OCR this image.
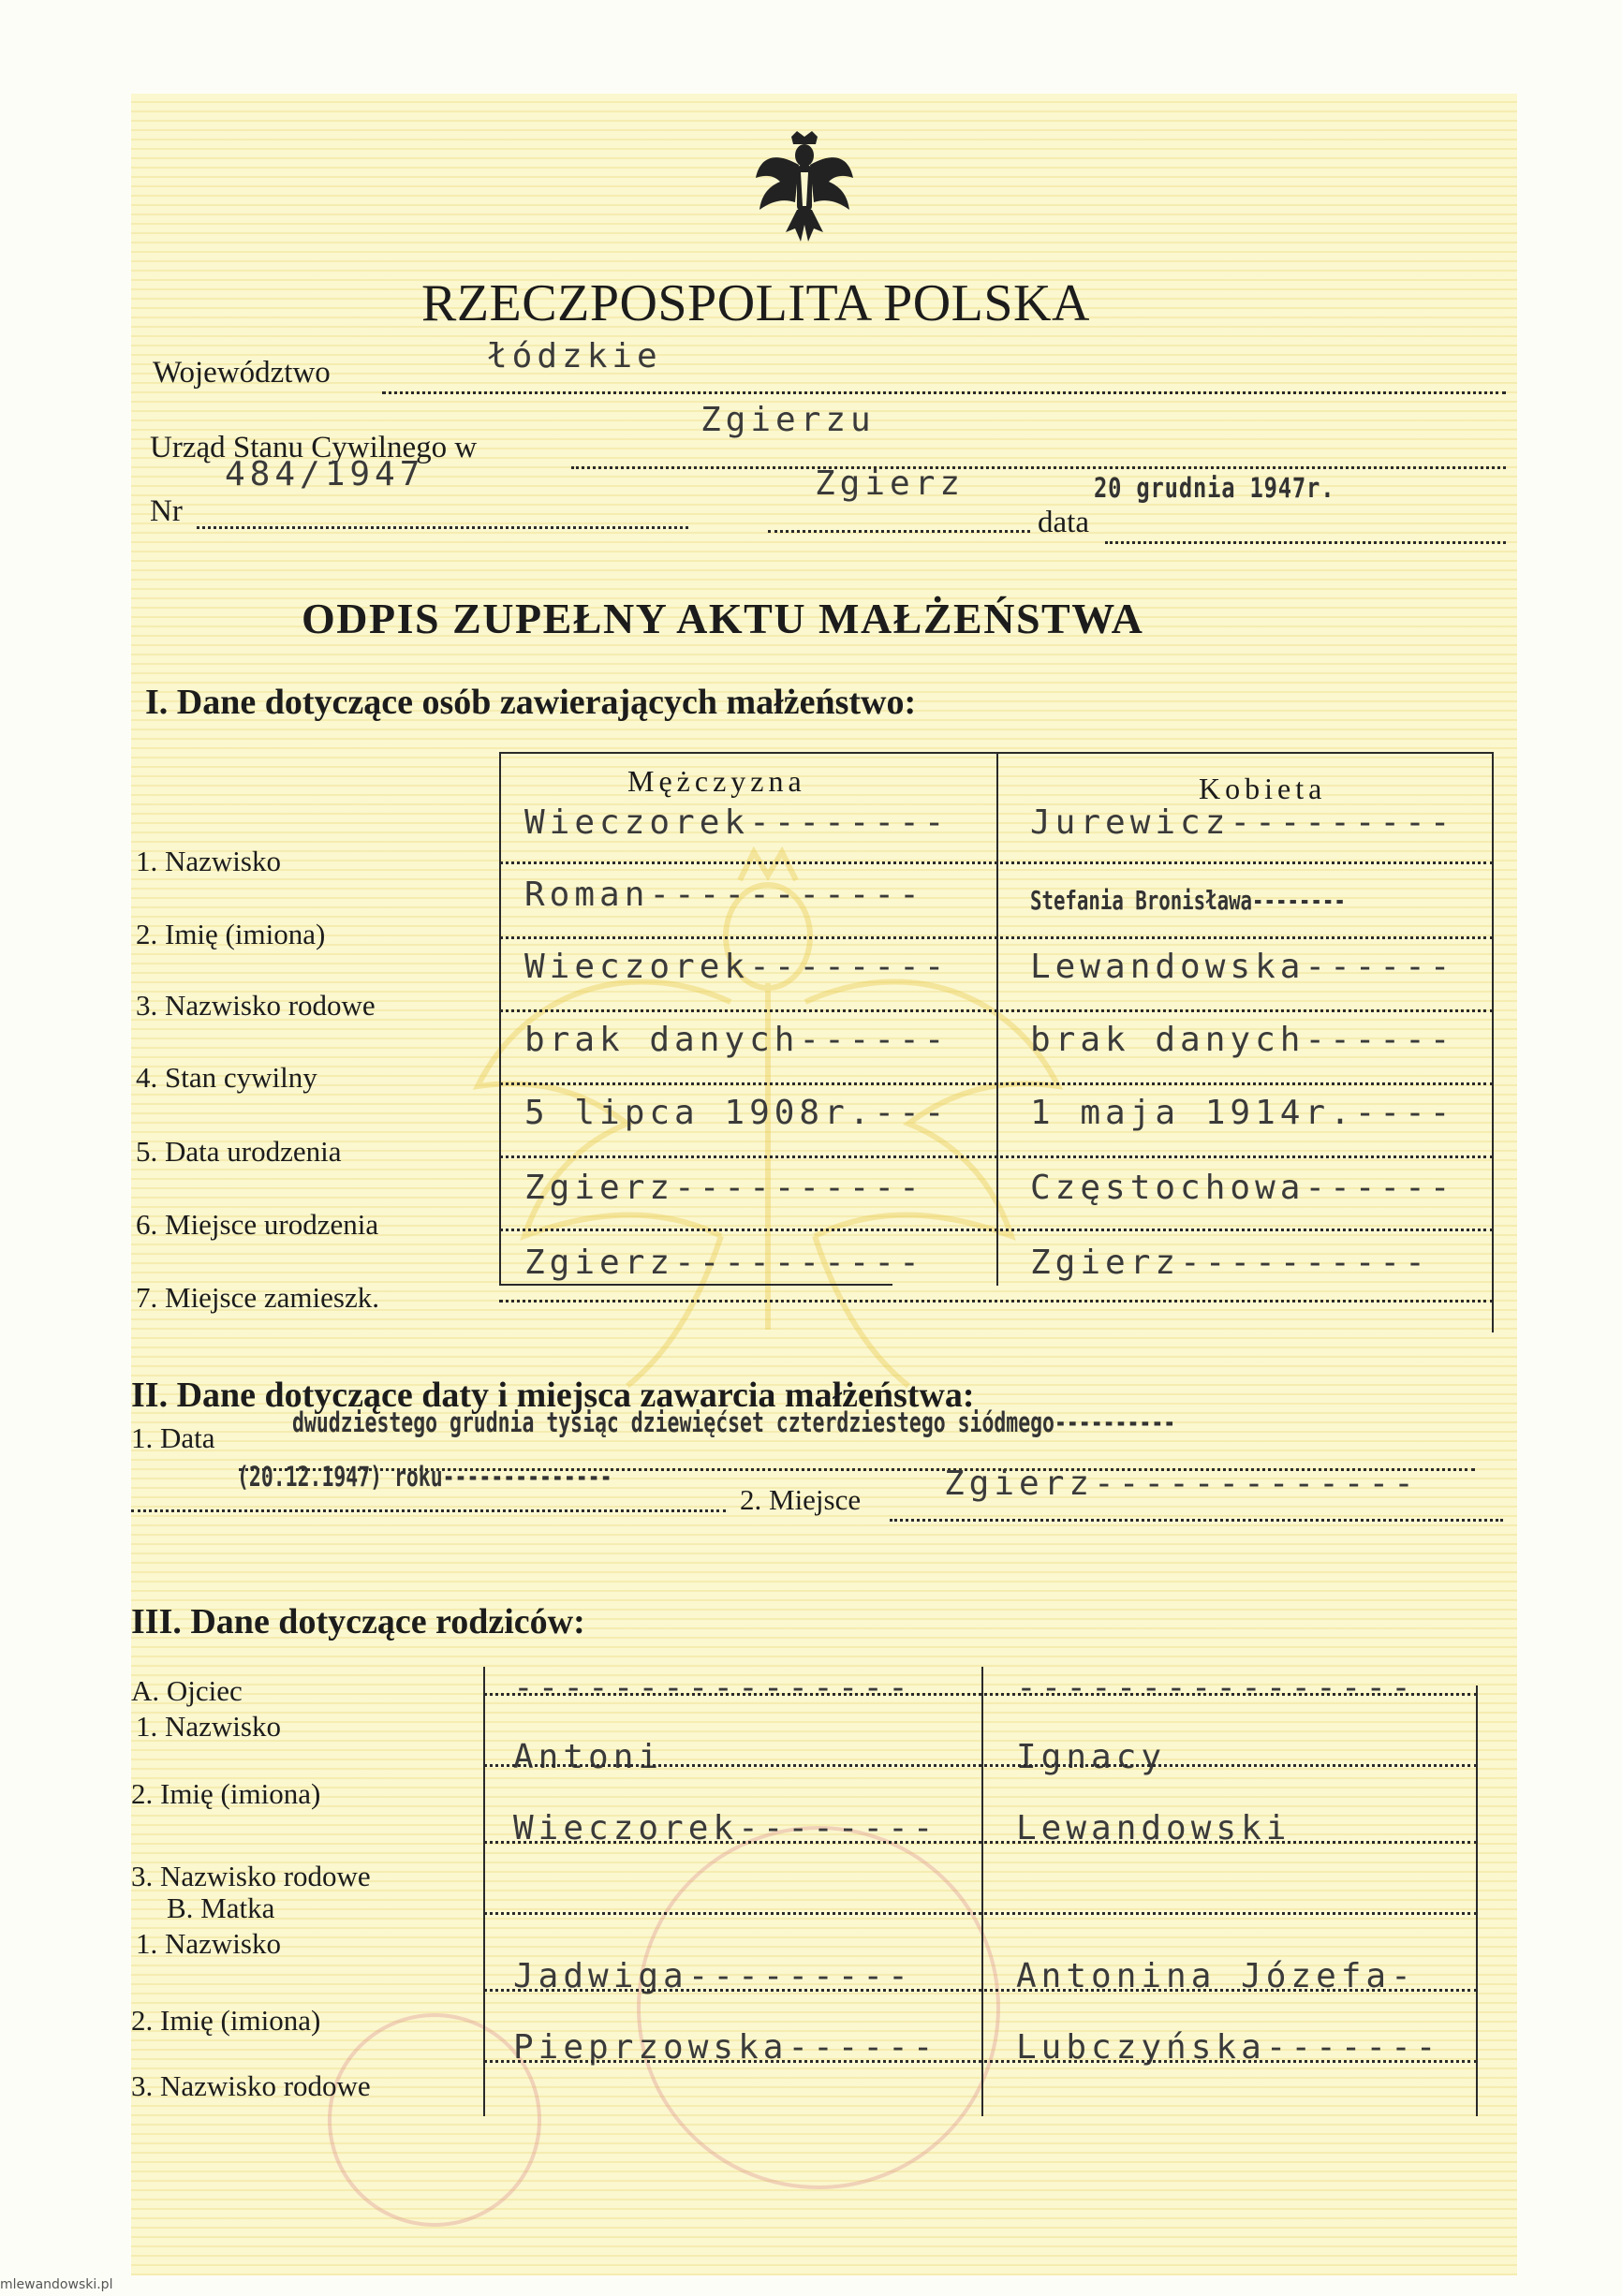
RZECZPOSPOLITA POLSKA
Województwo	łódzkie
Urząd Stanu Cywilnego w
Zgierzu
484/1947
Nr
Zgierz	20 grudnia 1947r.
data
ODPIS ZUPEŁNY AKTU MAŁŻEŃSTWA
I. Dane dotyczące osób zawierających małżeństwo:
Mężczyzna	Kobieta
1. Nazwisko
Wieczorek-------- Jurewicz---------
2. Imię (imiona)
Roman-----------	Stefania Bronisława--------
3. Nazwisko rodowe
Wieczorek-------- Lewandowska------
4. Stan cywilny
brak danych------ brak danych------
5. Data urodzenia
5 lipca 1908r.--- 1 maja 1914r.----
6. Miejsce urodzenia
Zgierz----------	Częstochowa------
7. Miejsce zamieszk.
Zgierz----------	Zgierz----------
II. Dane dotyczące daty i miejsca zawarcia małżeństwa:
1. Data	dwudziestego grudnia tysiąc dziewięćset czterdziestego siódmego----------
(20.12.1947) roku--------------
2. Miejsce Zgierz-------------
III. Dane dotyczące rodziców:
A. Ojciec
B. Matka
1. Nazwisko
----------------	----------------
2. Imię (imiona)
Antoni	Ignacy
3. Nazwisko rodowe
Wieczorek-------- Lewandowski
1. Nazwisko
2. Imię (imiona)
Jadwiga---------	Antonina Józefa-
3. Nazwisko rodowe
Pieprzowska------ Lubczyńska-------
mlewandowski.pl
